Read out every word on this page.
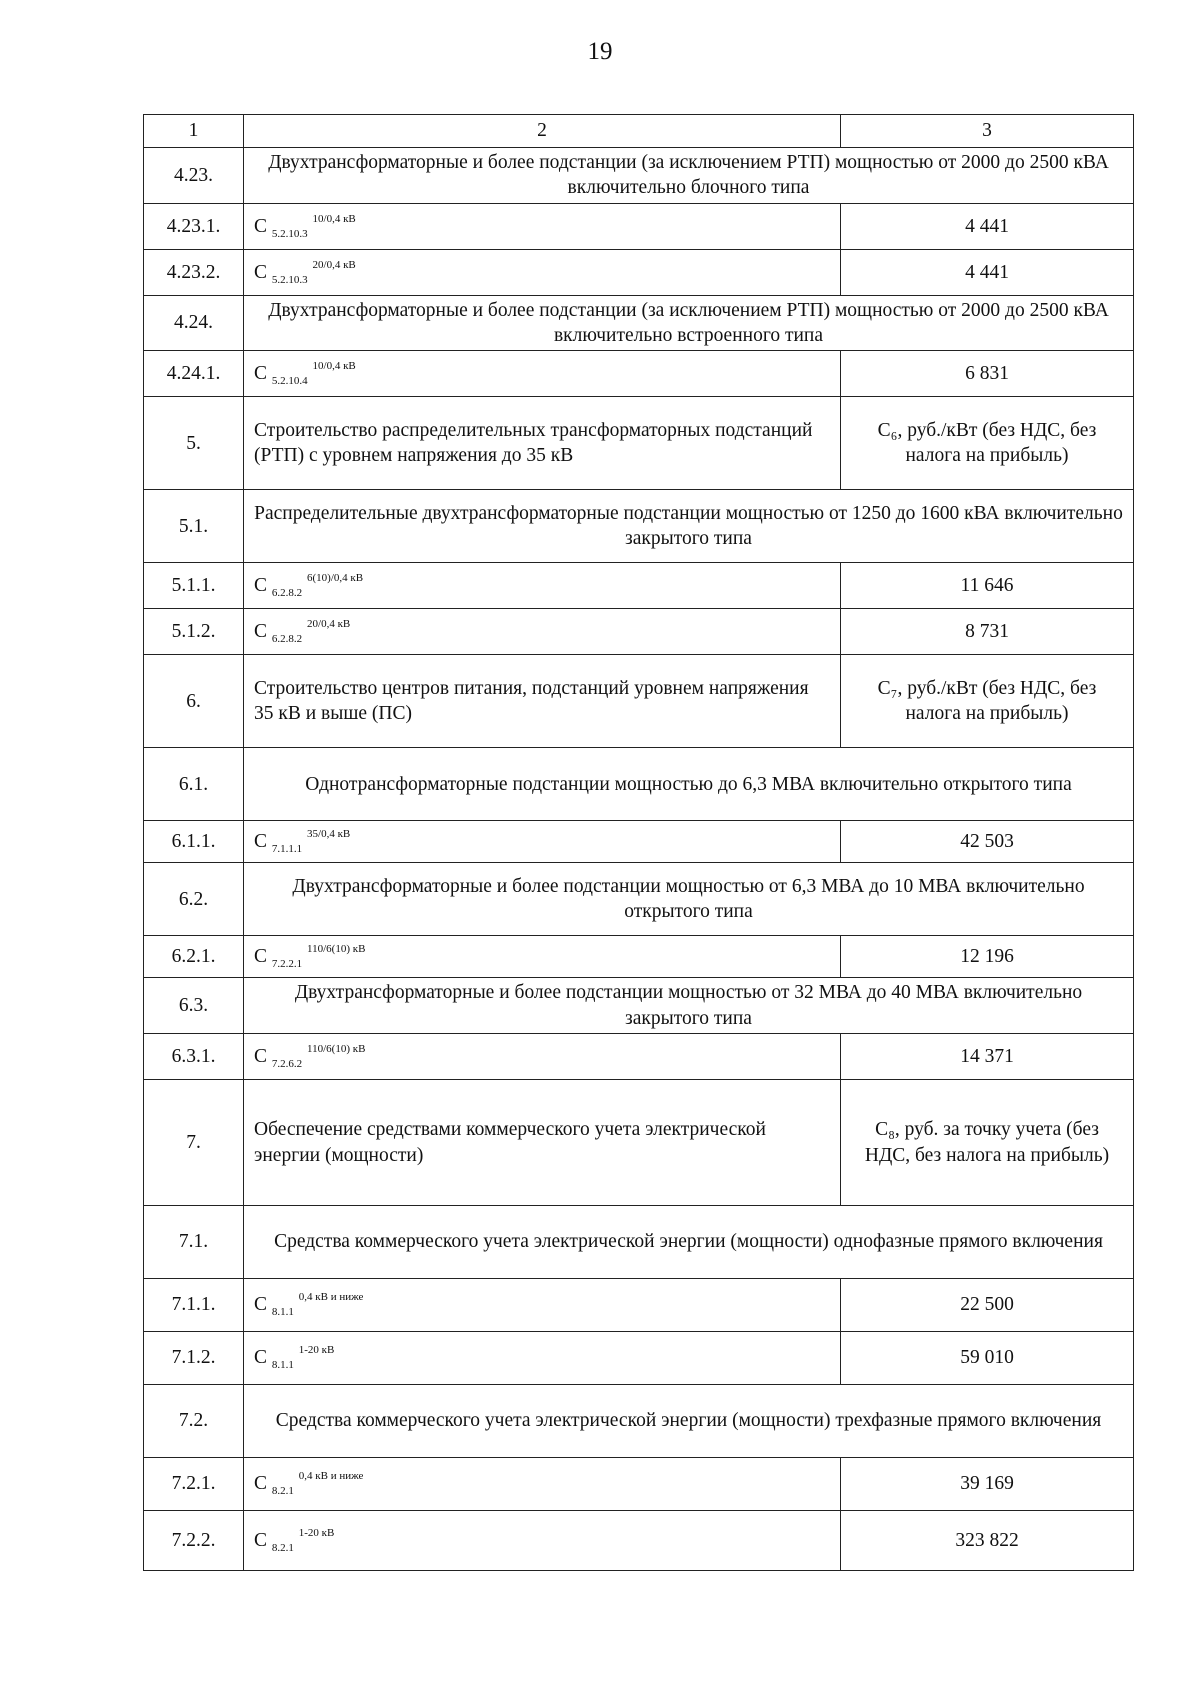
19
1	2	3
4.23.	Двухтрансформаторные и более подстанции (за исключением РТП) мощностью от 2000 до 2500 кВА включительно блочного типа	
4.23.1.	С $_{5.2.10.3}$ $^{10/0,4 кВ}$	4 441
4.23.2.	С $_{5.2.10.3}$ $^{20/0,4 кВ}$	4 441
4.24.	Двухтрансформаторные и более подстанции (за исключением РТП) мощностью от 2000 до 2500 кВА включительно встроенного типа	
4.24.1.	С $_{5.2.10.4}$ $^{10/0,4 кВ}$	6 831
5.	Строительство распределительных трансформаторных подстанций (РТП) с уровнем напряжения до 35 кВ	С₆, руб./кВт (без НДС, без налога на прибыль)
5.1.	Распределительные двухтрансформаторные подстанции мощностью от 1250 до 1600 кВА включительно закрытого типа	
5.1.1.	С $_{6.2.8.2}$ $^{6(10)/0,4 кВ}$	11 646
5.1.2.	С $_{6.2.8.2}$ $^{20/0,4 кВ}$	8 731
6.	Строительство центров питания, подстанций уровнем напряжения 35 кВ и выше (ПС)	С₇, руб./кВт (без НДС, без налога на прибыль)
6.1.	Однотрансформаторные подстанции мощностью до 6,3 МВА включительно открытого типа	
6.1.1.	С $_{7.1.1.1}$ $^{35/0,4 кВ}$	42 503
6.2.	Двухтрансформаторные и более подстанции мощностью от 6,3 МВА до 10 МВА включительно открытого типа	
6.2.1.	С $_{7.2.2.1}$ $^{110/6(10) кВ}$	12 196
6.3.	Двухтрансформаторные и более подстанции мощностью от 32 МВА до 40 МВА включительно закрытого типа	
6.3.1.	С $_{7.2.6.2}$ $^{110/6(10) кВ}$	14 371
7.	Обеспечение средствами коммерческого учета электрической энергии (мощности)	С₈, руб. за точку учета (без НДС, без налога на прибыль)
7.1.	Средства коммерческого учета электрической энергии (мощности) однофазные прямого включения	
7.1.1.	С $_{8.1.1}$ $^{0,4 кВ и ниже}$	22 500
7.1.2.	С $_{8.1.1}$ $^{1-20 кВ}$	59 010
7.2.	Средства коммерческого учета электрической энергии (мощности) трехфазные прямого включения	
7.2.1.	С $_{8.2.1}$ $^{0,4 кВ и ниже}$	39 169
7.2.2.	С $_{8.2.1}$ $^{1-20 кВ}$	323 822
